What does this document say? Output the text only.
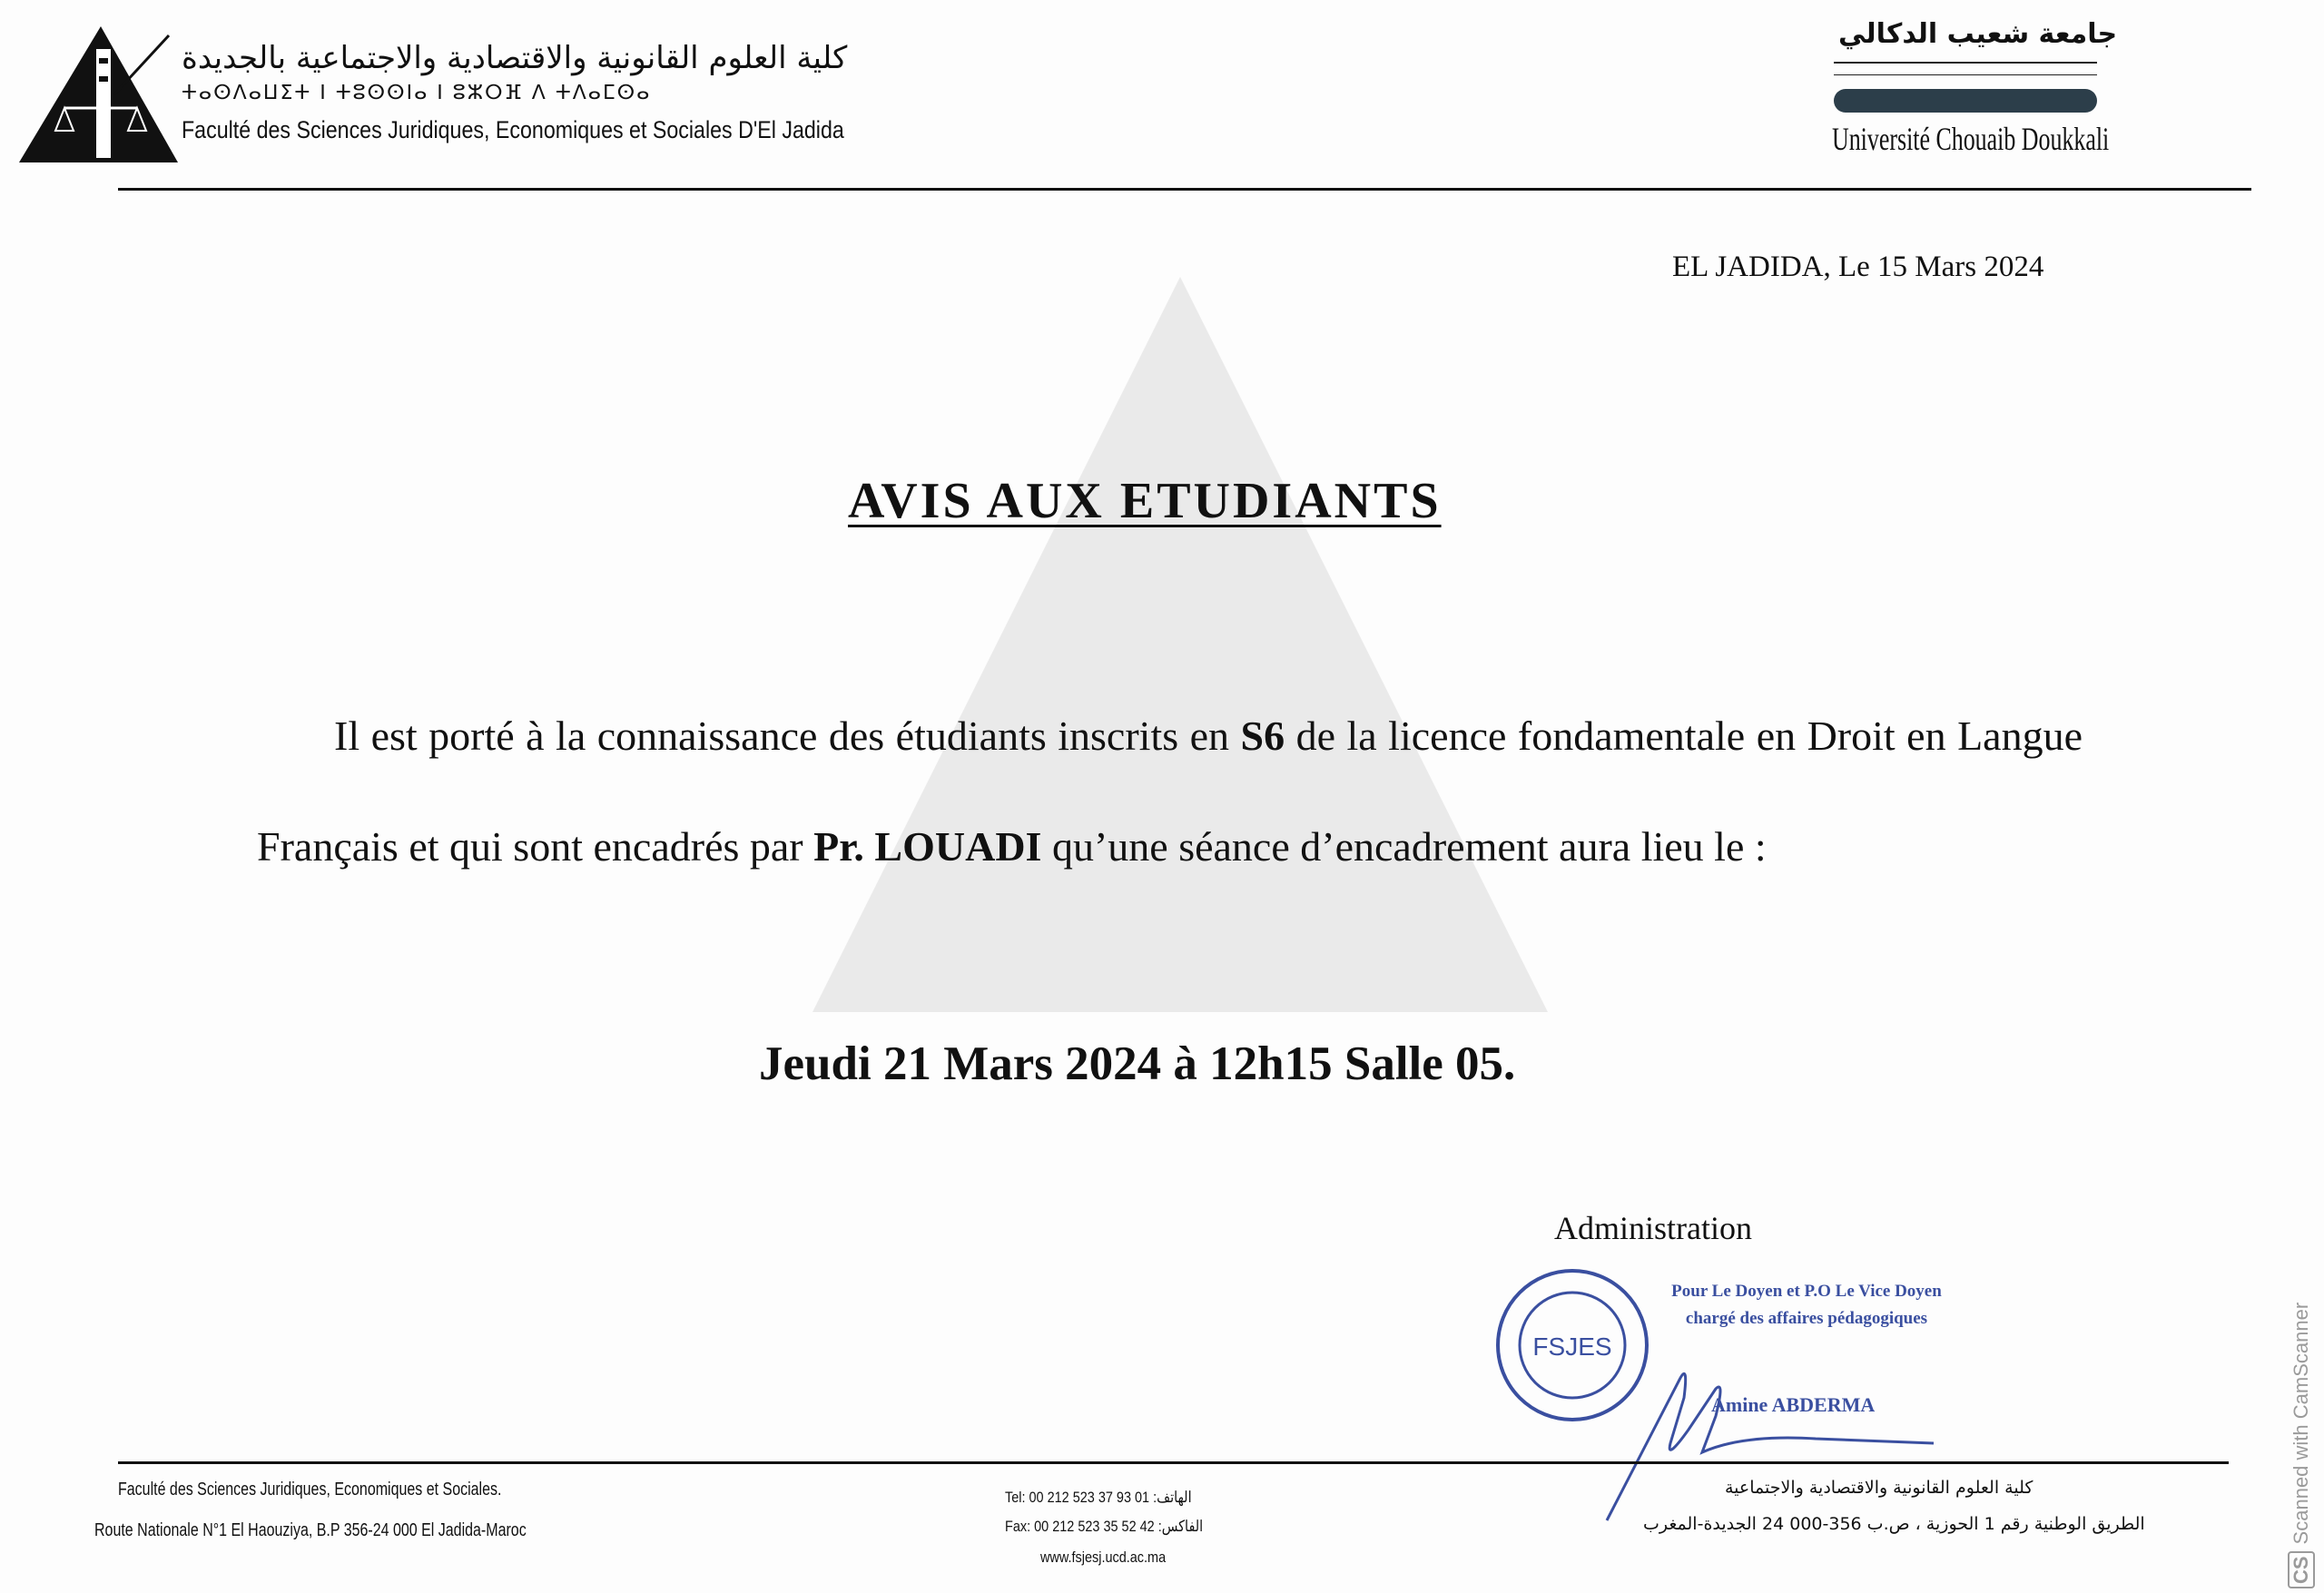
كلية العلوم القانونية والاقتصادية والاجتماعية بالجديدة
ⵜⴰⵙⴷⴰⵡⵉⵜ ⵏ ⵜⵓⵙⵙⵏⴰ ⵏ ⵓⵣⵔⴼ ⴷ ⵜⴷⴰⵎⵙⴰ
Faculté des Sciences Juridiques, Economiques et Sociales D'El Jadida
جامعة شعيب الدكالي
Université Chouaib Doukkali
EL JADIDA, Le 15 Mars 2024
AVIS AUX ETUDIANTS
Il est porté à la connaissance des étudiants inscrits en S6 de la licence fondamentale en Droit en Langue Français et qui sont encadrés par Pr. LOUADI qu’une séance d’encadrement aura lieu le :
Jeudi 21 Mars 2024 à 12h15 Salle 05.
Administration
FSJES
Pour Le Doyen et P.O Le Vice Doyen chargé des affaires pédagogiques
Amine ABDERMA
Faculté des Sciences Juridiques, Economiques et Sociales.
Route Nationale N°1 El Haouziya, B.P 356-24 000 El Jadida-Maroc
Tel: 00 212 523 37 93 01 :الهاتف
Fax: 00 212 523 35 52 42 :الفاكس
www.fsjesj.ucd.ac.ma
كلية العلوم القانونية والاقتصادية والاجتماعية
الطريق الوطنية رقم 1 الحوزية ، ص.ب 356-000 24 الجديدة-المغرب
CSScanned with CamScanner
